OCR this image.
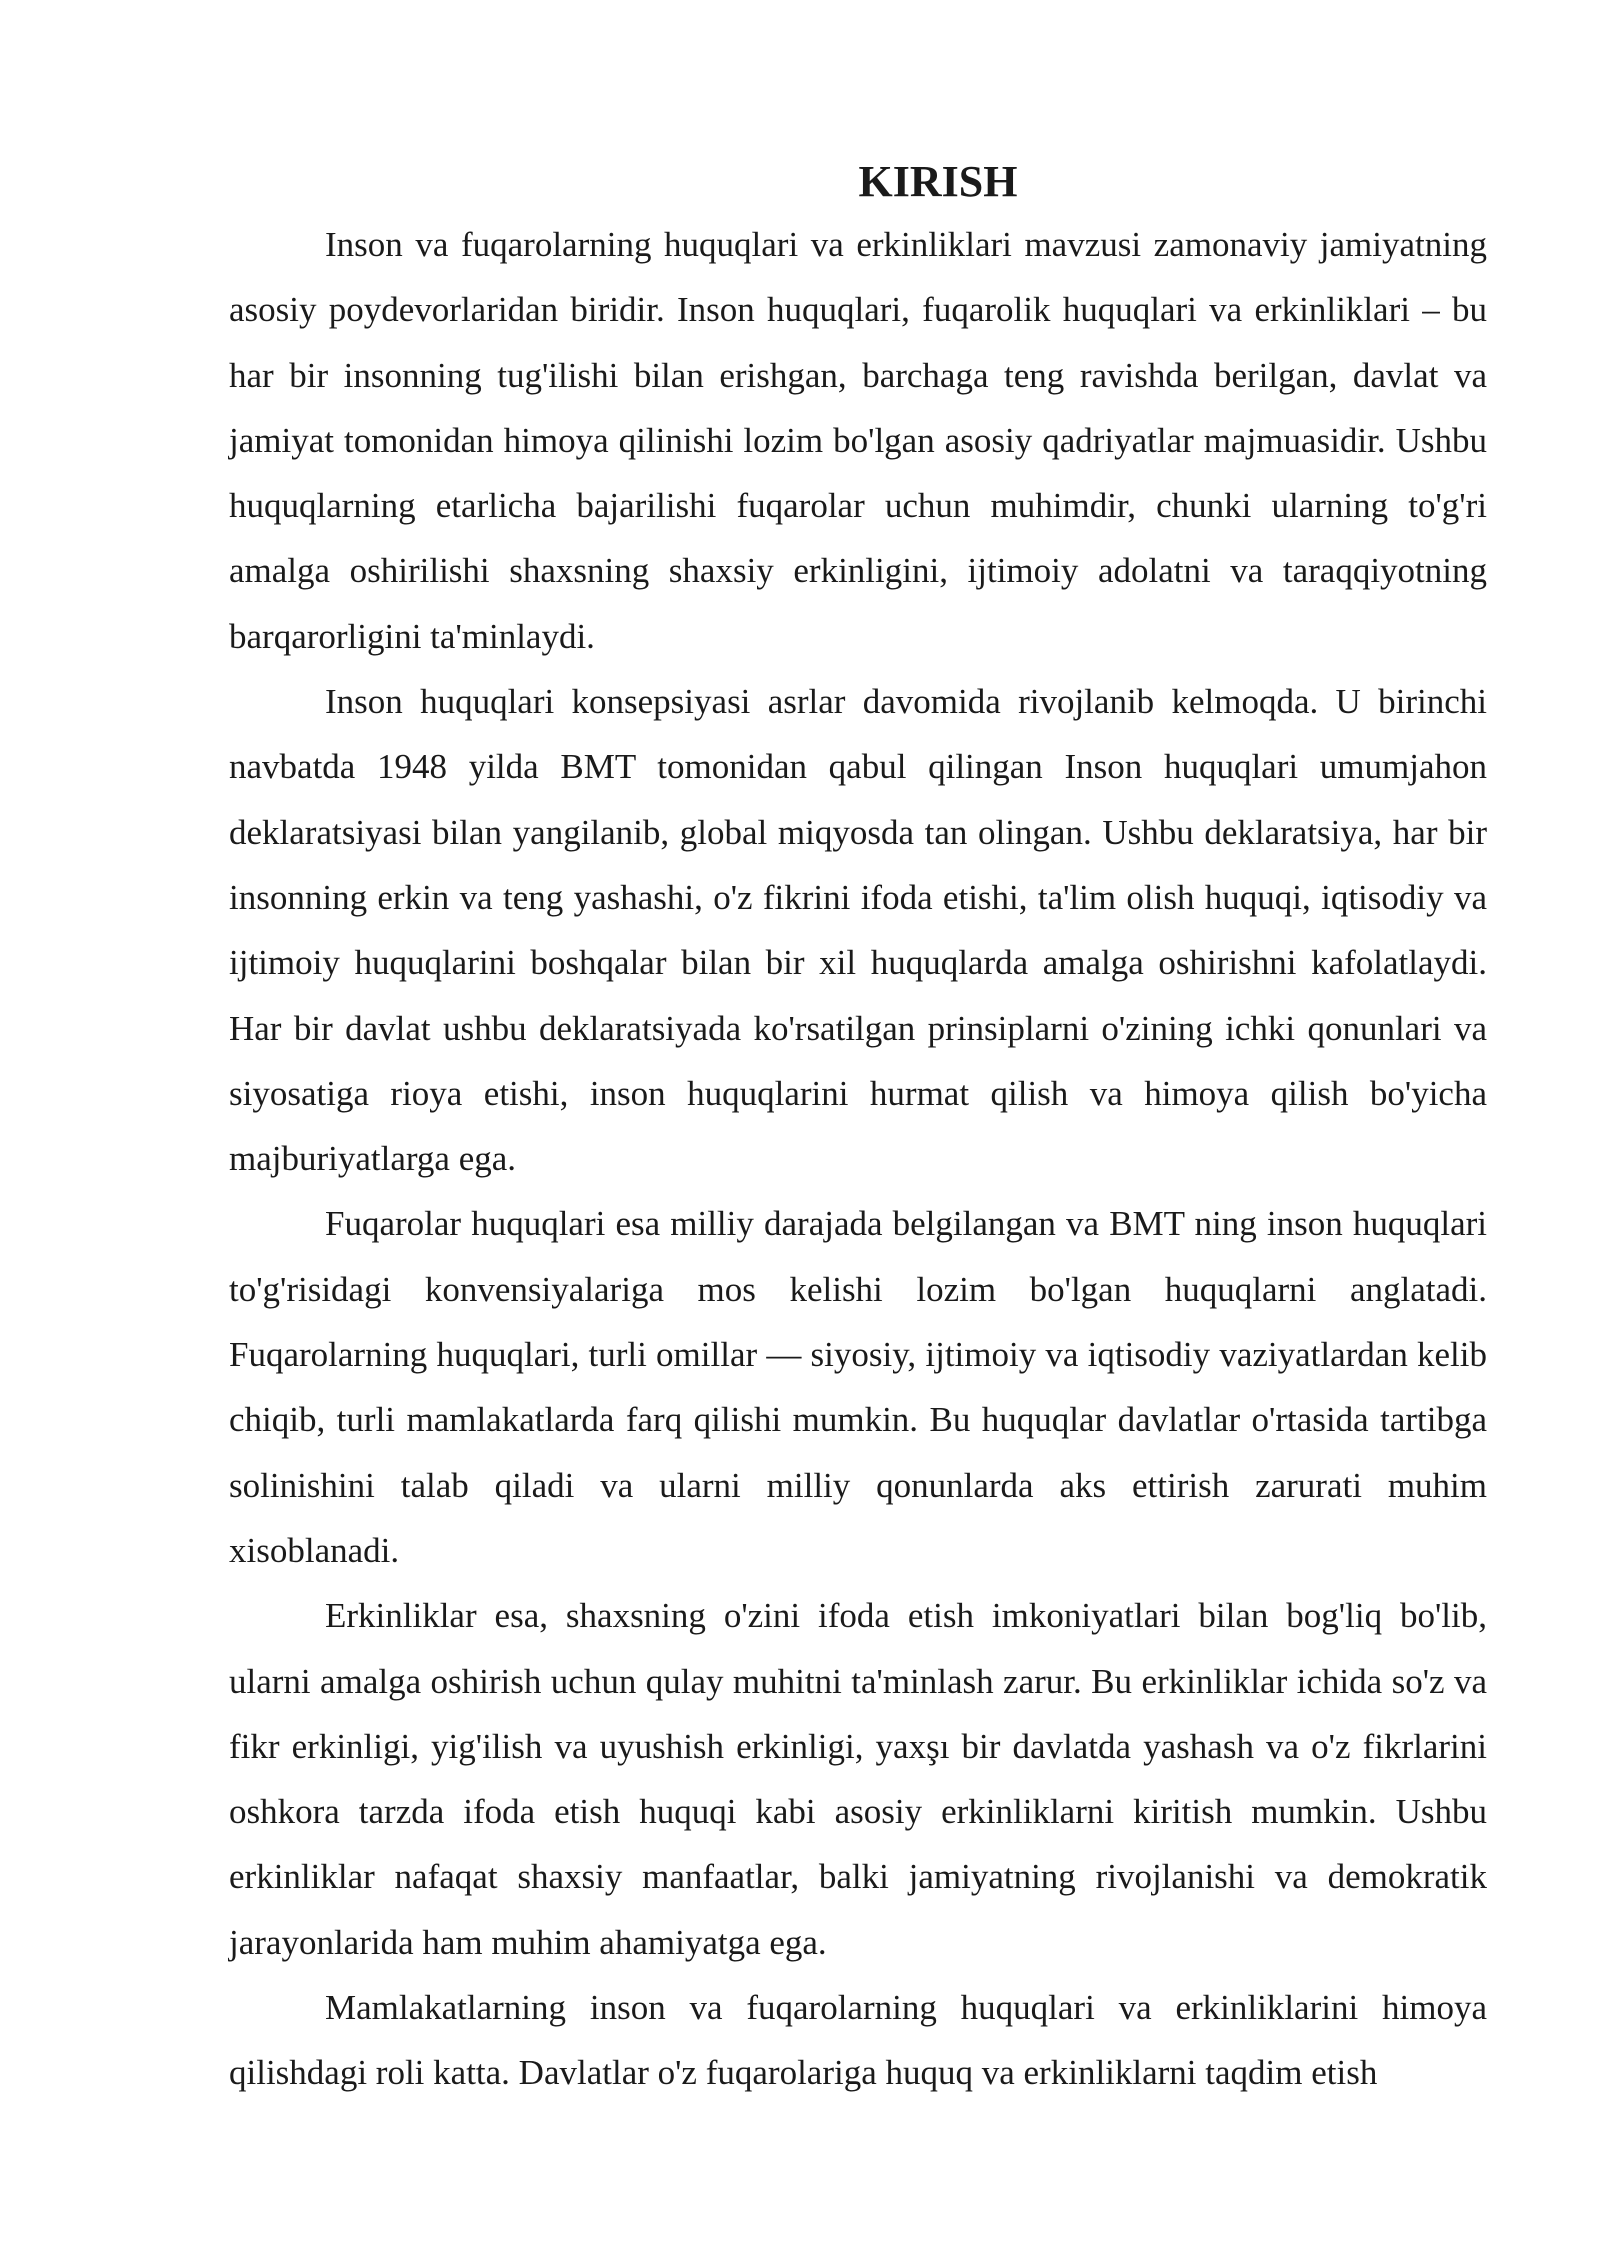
KIRISH

Inson va fuqarolarning huquqlari va erkinliklari mavzusi zamonaviy jamiyatning asosiy poydevorlaridan biridir. Inson huquqlari, fuqarolik huquqlari va erkinliklari – bu har bir insonning tug'ilishi bilan erishgan, barchaga teng ravishda berilgan, davlat va jamiyat tomonidan himoya qilinishi lozim bo'lgan asosiy qadriyatlar majmuasidir. Ushbu huquqlarning etarlicha bajarilishi fuqarolar uchun muhimdir, chunki ularning to'g'ri amalga oshirilishi shaxsning shaxsiy erkinligini, ijtimoiy adolatni va taraqqiyotning barqarorligini ta'minlaydi.

Inson huquqlari konsepsiyasi asrlar davomida rivojlanib kelmoqda. U birinchi navbatda 1948 yilda BMT tomonidan qabul qilingan Inson huquqlari umumjahon deklaratsiyasi bilan yangilanib, global miqyosda tan olingan. Ushbu deklaratsiya, har bir insonning erkin va teng yashashi, o'z fikrini ifoda etishi, ta'lim olish huquqi, iqtisodiy va ijtimoiy huquqlarini boshqalar bilan bir xil huquqlarda amalga oshirishni kafolatlaydi. Har bir davlat ushbu deklaratsiyada ko'rsatilgan prinsiplarni o'zining ichki qonunlari va siyosatiga rioya etishi, inson huquqlarini hurmat qilish va himoya qilish bo'yicha majburiyatlarga ega.

Fuqarolar huquqlari esa milliy darajada belgilangan va BMT ning inson huquqlari to'g'risidagi konvensiyalariga mos kelishi lozim bo'lgan huquqlarni anglatadi. Fuqarolarning huquqlari, turli omillar — siyosiy, ijtimoiy va iqtisodiy vaziyatlardan kelib chiqib, turli mamlakatlarda farq qilishi mumkin. Bu huquqlar davlatlar o'rtasida tartibga solinishini talab qiladi va ularni milliy qonunlarda aks ettirish zarurati muhim xisoblanadi.

Erkinliklar esa, shaxsning o'zini ifoda etish imkoniyatlari bilan bog'liq bo'lib, ularni amalga oshirish uchun qulay muhitni ta'minlash zarur. Bu erkinliklar ichida so'z va fikr erkinligi, yig'ilish va uyushish erkinligi, yaxşı bir davlatda yashash va o'z fikrlarini oshkora tarzda ifoda etish huquqi kabi asosiy erkinliklarni kiritish mumkin. Ushbu erkinliklar nafaqat shaxsiy manfaatlar, balki jamiyatning rivojlanishi va demokratik jarayonlarida ham muhim ahamiyatga ega.

Mamlakatlarning inson va fuqarolarning huquqlari va erkinliklarini himoya qilishdagi roli katta. Davlatlar o'z fuqarolariga huquq va erkinliklarni taqdim etish
